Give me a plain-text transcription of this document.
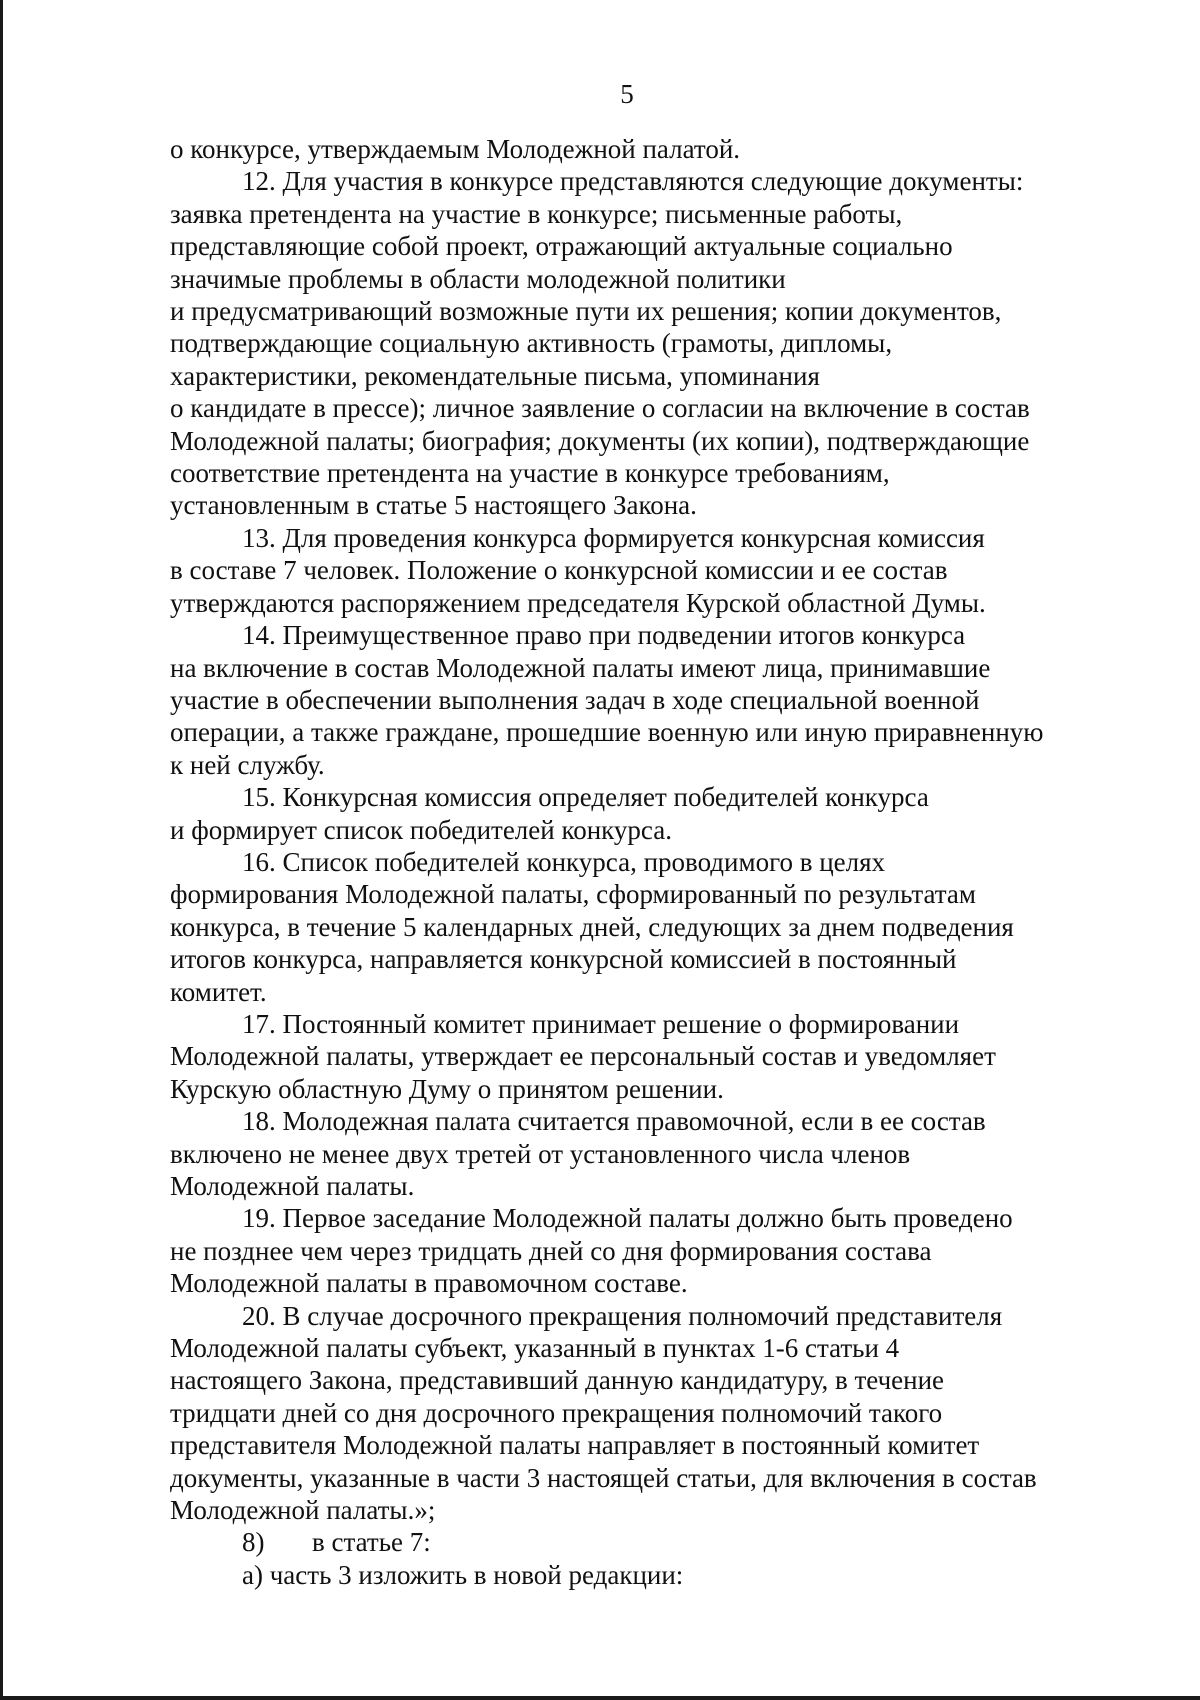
5

о конкурсе, утверждаемым Молодежной палатой.

12. Для участия в конкурсе представляются следующие документы:
заявка претендента на участие в конкурсе; письменные работы,
представляющие собой проект, отражающий актуальные социально
значимые проблемы в области молодежной политики
и предусматривающий возможные пути их решения; копии документов,
подтверждающие социальную активность (грамоты, дипломы,
характеристики, рекомендательные письма, упоминания
о кандидате в прессе); личное заявление о согласии на включение в состав
Молодежной палаты; биография; документы (их копии), подтверждающие
соответствие претендента на участие в конкурсе требованиям,
установленным в статье 5 настоящего Закона.

13. Для проведения конкурса формируется конкурсная комиссия
в составе 7 человек. Положение о конкурсной комиссии и ее состав
утверждаются распоряжением председателя Курской областной Думы.

14. Преимущественное право при подведении итогов конкурса
на включение в состав Молодежной палаты имеют лица, принимавшие
участие в обеспечении выполнения задач в ходе специальной военной
операции, а также граждане, прошедшие военную или иную приравненную
к ней службу.

15. Конкурсная комиссия определяет победителей конкурса
и формирует список победителей конкурса.

16. Список победителей конкурса, проводимого в целях
формирования Молодежной палаты, сформированный по результатам
конкурса, в течение 5 календарных дней, следующих за днем подведения
итогов конкурса, направляется конкурсной комиссией в постоянный
комитет.

17. Постоянный комитет принимает решение о формировании
Молодежной палаты, утверждает ее персональный состав и уведомляет
Курскую областную Думу о принятом решении.

18. Молодежная палата считается правомочной, если в ее состав
включено не менее двух третей от установленного числа членов
Молодежной палаты.

19. Первое заседание Молодежной палаты должно быть проведено
не позднее чем через тридцать дней со дня формирования состава
Молодежной палаты в правомочном составе.

20. В случае досрочного прекращения полномочий представителя
Молодежной палаты субъект, указанный в пунктах 1-6 статьи 4
настоящего Закона, представивший данную кандидатуру, в течение
тридцати дней со дня досрочного прекращения полномочий такого
представителя Молодежной палаты направляет в постоянный комитет
документы, указанные в части 3 настоящей статьи, для включения в состав
Молодежной палаты.»;

8) в статье 7:

а) часть 3 изложить в новой редакции:
